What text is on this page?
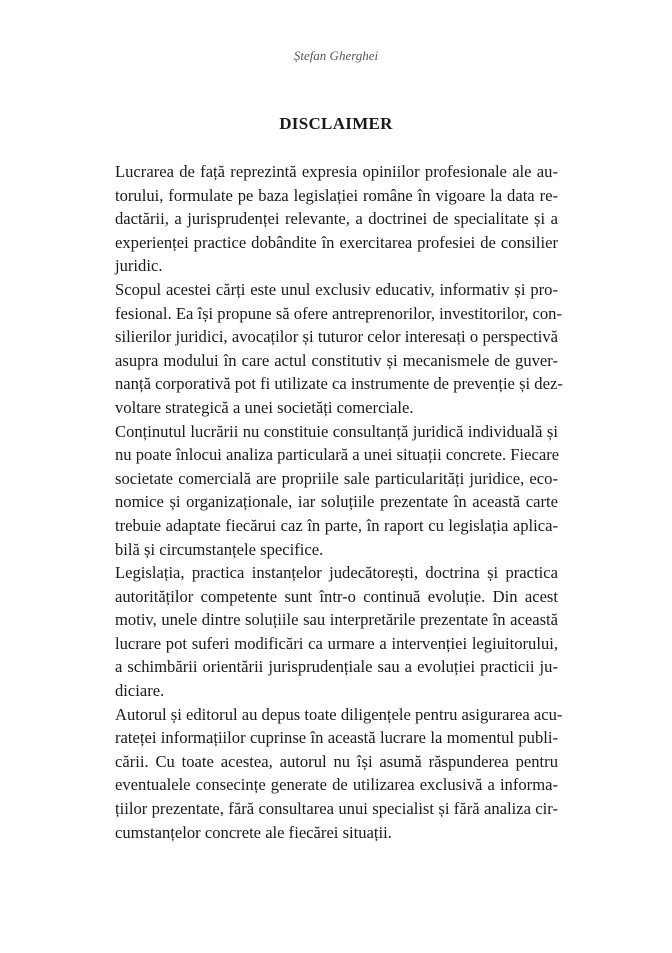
Ștefan Gherghei
DISCLAIMER

Lucrarea de față reprezintă expresia opiniilor profesionale ale au-
torului, formulate pe baza legislației române în vigoare la data re-
dactării, a jurisprudenței relevante, a doctrinei de specialitate și a
experienței practice dobândite în exercitarea profesiei de consilier
juridic.

Scopul acestei cărți este unul exclusiv educativ, informativ și pro-
fesional. Ea își propune să ofere antreprenorilor, investitorilor, con-
silierilor juridici, avocaților și tuturor celor interesați o perspectivă
asupra modului în care actul constitutiv și mecanismele de guver-
nanță corporativă pot fi utilizate ca instrumente de prevenție și dez-
voltare strategică a unei societăți comerciale.

Conținutul lucrării nu constituie consultanță juridică individuală și
nu poate înlocui analiza particulară a unei situații concrete. Fiecare
societate comercială are propriile sale particularități juridice, eco-
nomice și organizaționale, iar soluțiile prezentate în această carte
trebuie adaptate fiecărui caz în parte, în raport cu legislația aplica-
bilă și circumstanțele specifice.

Legislația, practica instanțelor judecătorești, doctrina și practica
autorităților competente sunt într-o continuă evoluție. Din acest
motiv, unele dintre soluțiile sau interpretările prezentate în această
lucrare pot suferi modificări ca urmare a intervenției legiuitorului,
a schimbării orientării jurisprudențiale sau a evoluției practicii ju-
diciare.

Autorul și editorul au depus toate diligențele pentru asigurarea acu-
rateței informațiilor cuprinse în această lucrare la momentul publi-
cării. Cu toate acestea, autorul nu își asumă răspunderea pentru
eventualele consecințe generate de utilizarea exclusivă a informa-
țiilor prezentate, fără consultarea unui specialist și fără analiza cir-
cumstanțelor concrete ale fiecărei situații.
